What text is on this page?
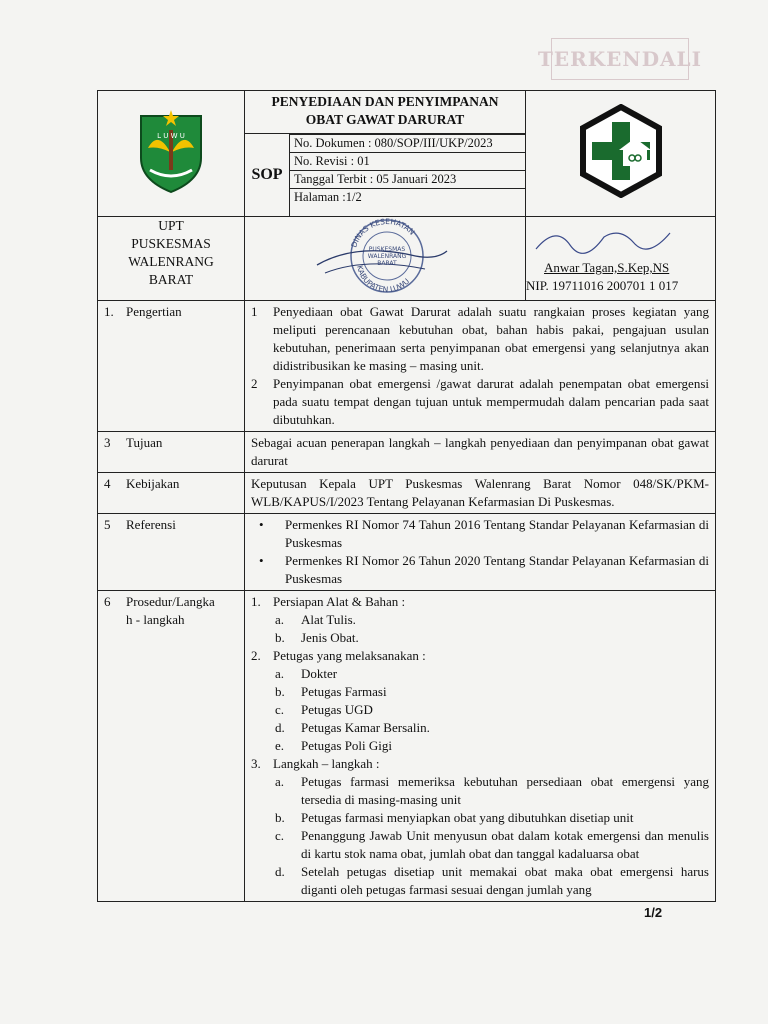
TERKENDALI
L U W U

PENYEDIAAN DAN PENYIMPANAN
OBAT GAWAT DARURAT

SOP

No. Dokumen : 080/SOP/III/UKP/2023
No. Revisi : 01
Tanggal Terbit : 05 Januari 2023
Halaman :1/2

UPT
PUSKESMAS
WALENRANG
BARAT

DINAS KESEHATAN
KABUPATEN LUWU
PUSKESMAS
WALENRANG
BARAT	Anwar Tagan,S.Kep,NS
NIP. 19711016 200701 1 017

1. Pengertian	1	Penyediaan obat Gawat Darurat adalah suatu rangkaian proses kegiatan yang meliputi perencanaan kebutuhan obat, bahan habis pakai, pengajuan usulan kebutuhan, penerimaan serta penyimpanan obat emergensi yang selanjutnya akan didistribusikan ke masing – masing unit.
2	Penyimpanan obat emergensi /gawat darurat adalah penempatan obat emergensi pada suatu tempat dengan tujuan untuk mempermudah dalam pencarian pada saat dibutuhkan.

3 Tujuan	Sebagai acuan penerapan langkah – langkah penyediaan dan penyimpanan obat gawat darurat
4 Kebijakan	Keputusan Kepala UPT Puskesmas Walenrang Barat Nomor 048/SK/PKM-WLB/KAPUS/I/2023 Tentang Pelayanan Kefarmasian Di Puskesmas.
5 Referensi	•	Permenkes RI Nomor 74 Tahun 2016 Tentang Standar Pelayanan Kefarmasian di Puskesmas
•	Permenkes RI Nomor 26 Tahun 2020 Tentang Standar Pelayanan Kefarmasian di Puskesmas

6 Prosedur/Langka
h - langkah

1. Persiapan Alat & Bahan :
a.	Alat Tulis.
b.	Jenis Obat.
2. Petugas yang melaksanakan :
a.	Dokter
b.	Petugas Farmasi
c.	Petugas UGD
d.	Petugas Kamar Bersalin.
e.	Petugas Poli Gigi
3. Langkah – langkah :
a.	Petugas farmasi memeriksa kebutuhan persediaan obat emergensi yang tersedia di masing-masing unit
b.	Petugas farmasi menyiapkan obat yang dibutuhkan disetiap unit
c.	Penanggung Jawab Unit menyusun obat dalam kotak emergensi dan menulis di kartu stok nama obat, jumlah obat dan tanggal kadaluarsa obat
d.	Setelah petugas disetiap unit memakai obat maka obat emergensi harus diganti oleh petugas farmasi sesuai dengan jumlah yang
1/2
